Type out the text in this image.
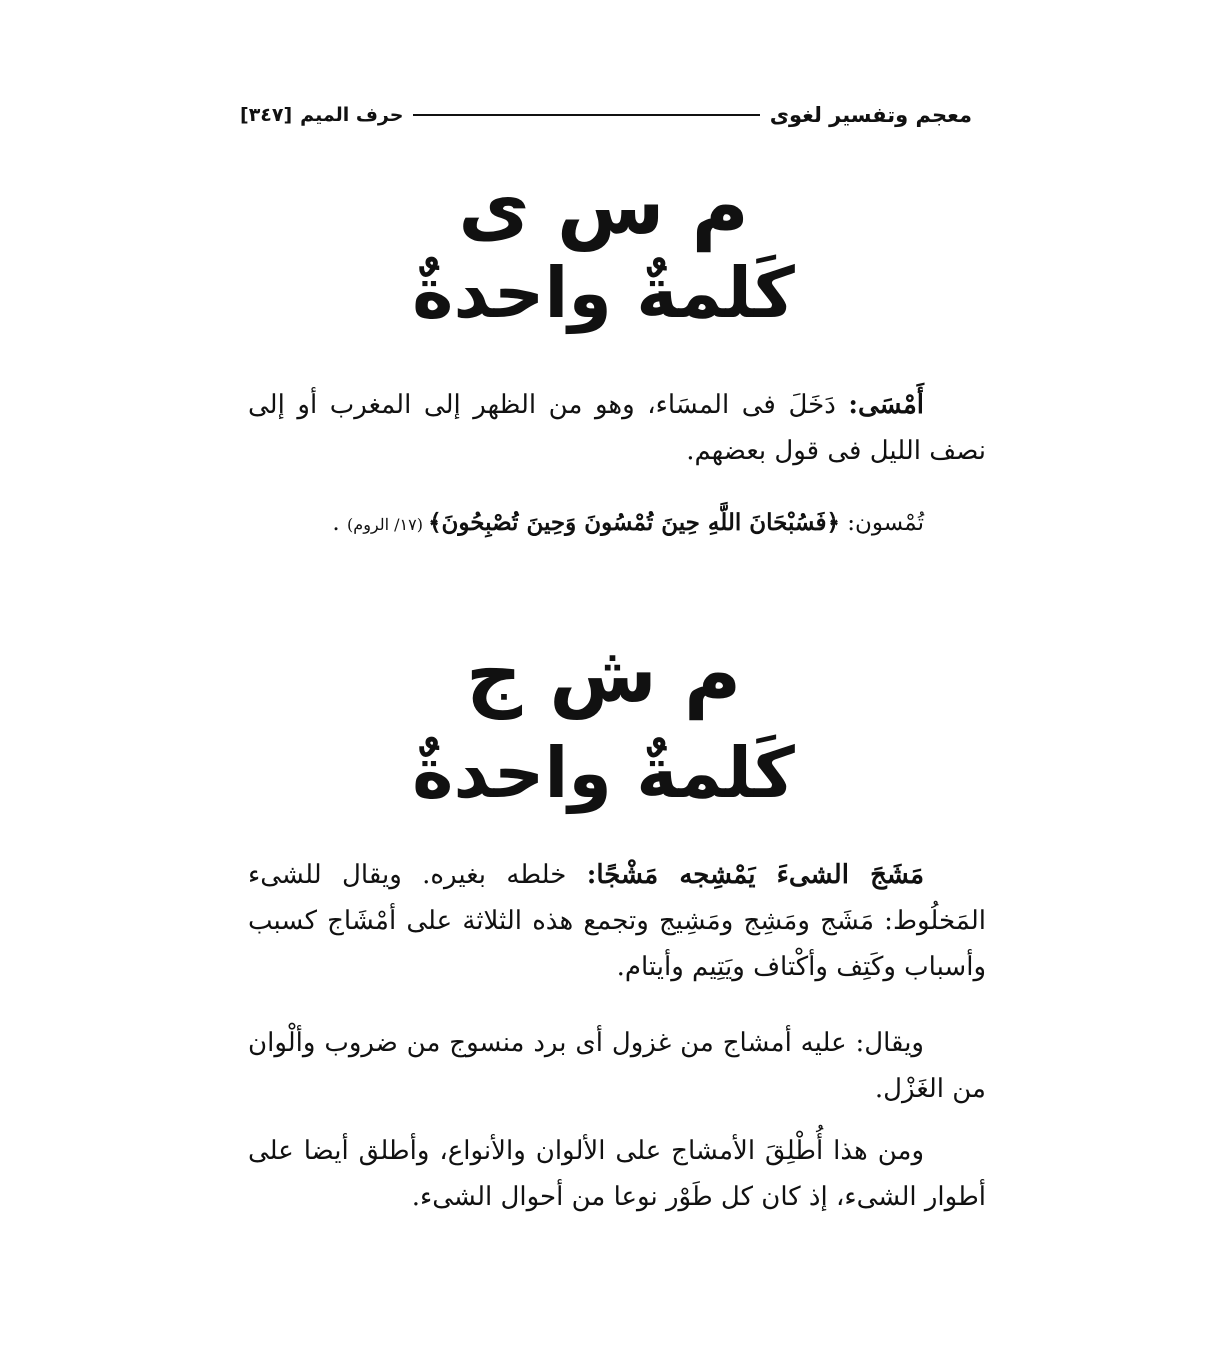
معجم وتفسير لغوى
حرف الميم
[٣٤٧]
م س ى
كَلمةٌ واحدةٌ
أَمْسَى: دَخَلَ فى المسَاء، وهو من الظهر إلى المغرب أو إلى نصف الليل فى قول بعضهم.
تُمْسون: ﴿فَسُبْحَانَ اللَّهِ حِينَ تُمْسُونَ وَحِينَ تُصْبِحُونَ﴾ (١٧/ الروم) .
م ش ج
كَلمةٌ واحدةٌ
مَشَجَ الشىءَ يَمْشِجه مَشْجًا: خلطه بغيره. ويقال للشىء المَخلُوط: مَشَج ومَشِج ومَشِيج وتجمع هذه الثلاثة على أمْشَاج كسبب وأسباب وكَتِف وأكْتاف ويَتِيم وأيتام.
ويقال: عليه أمشاج من غزول أى برد منسوج من ضروب وألْوان من الغَزْل.
ومن هذا أُطْلِقَ الأمشاج على الألوان والأنواع، وأطلق أيضا على أطوار الشىء، إذ كان كل طَوْر نوعا من أحوال الشىء.
